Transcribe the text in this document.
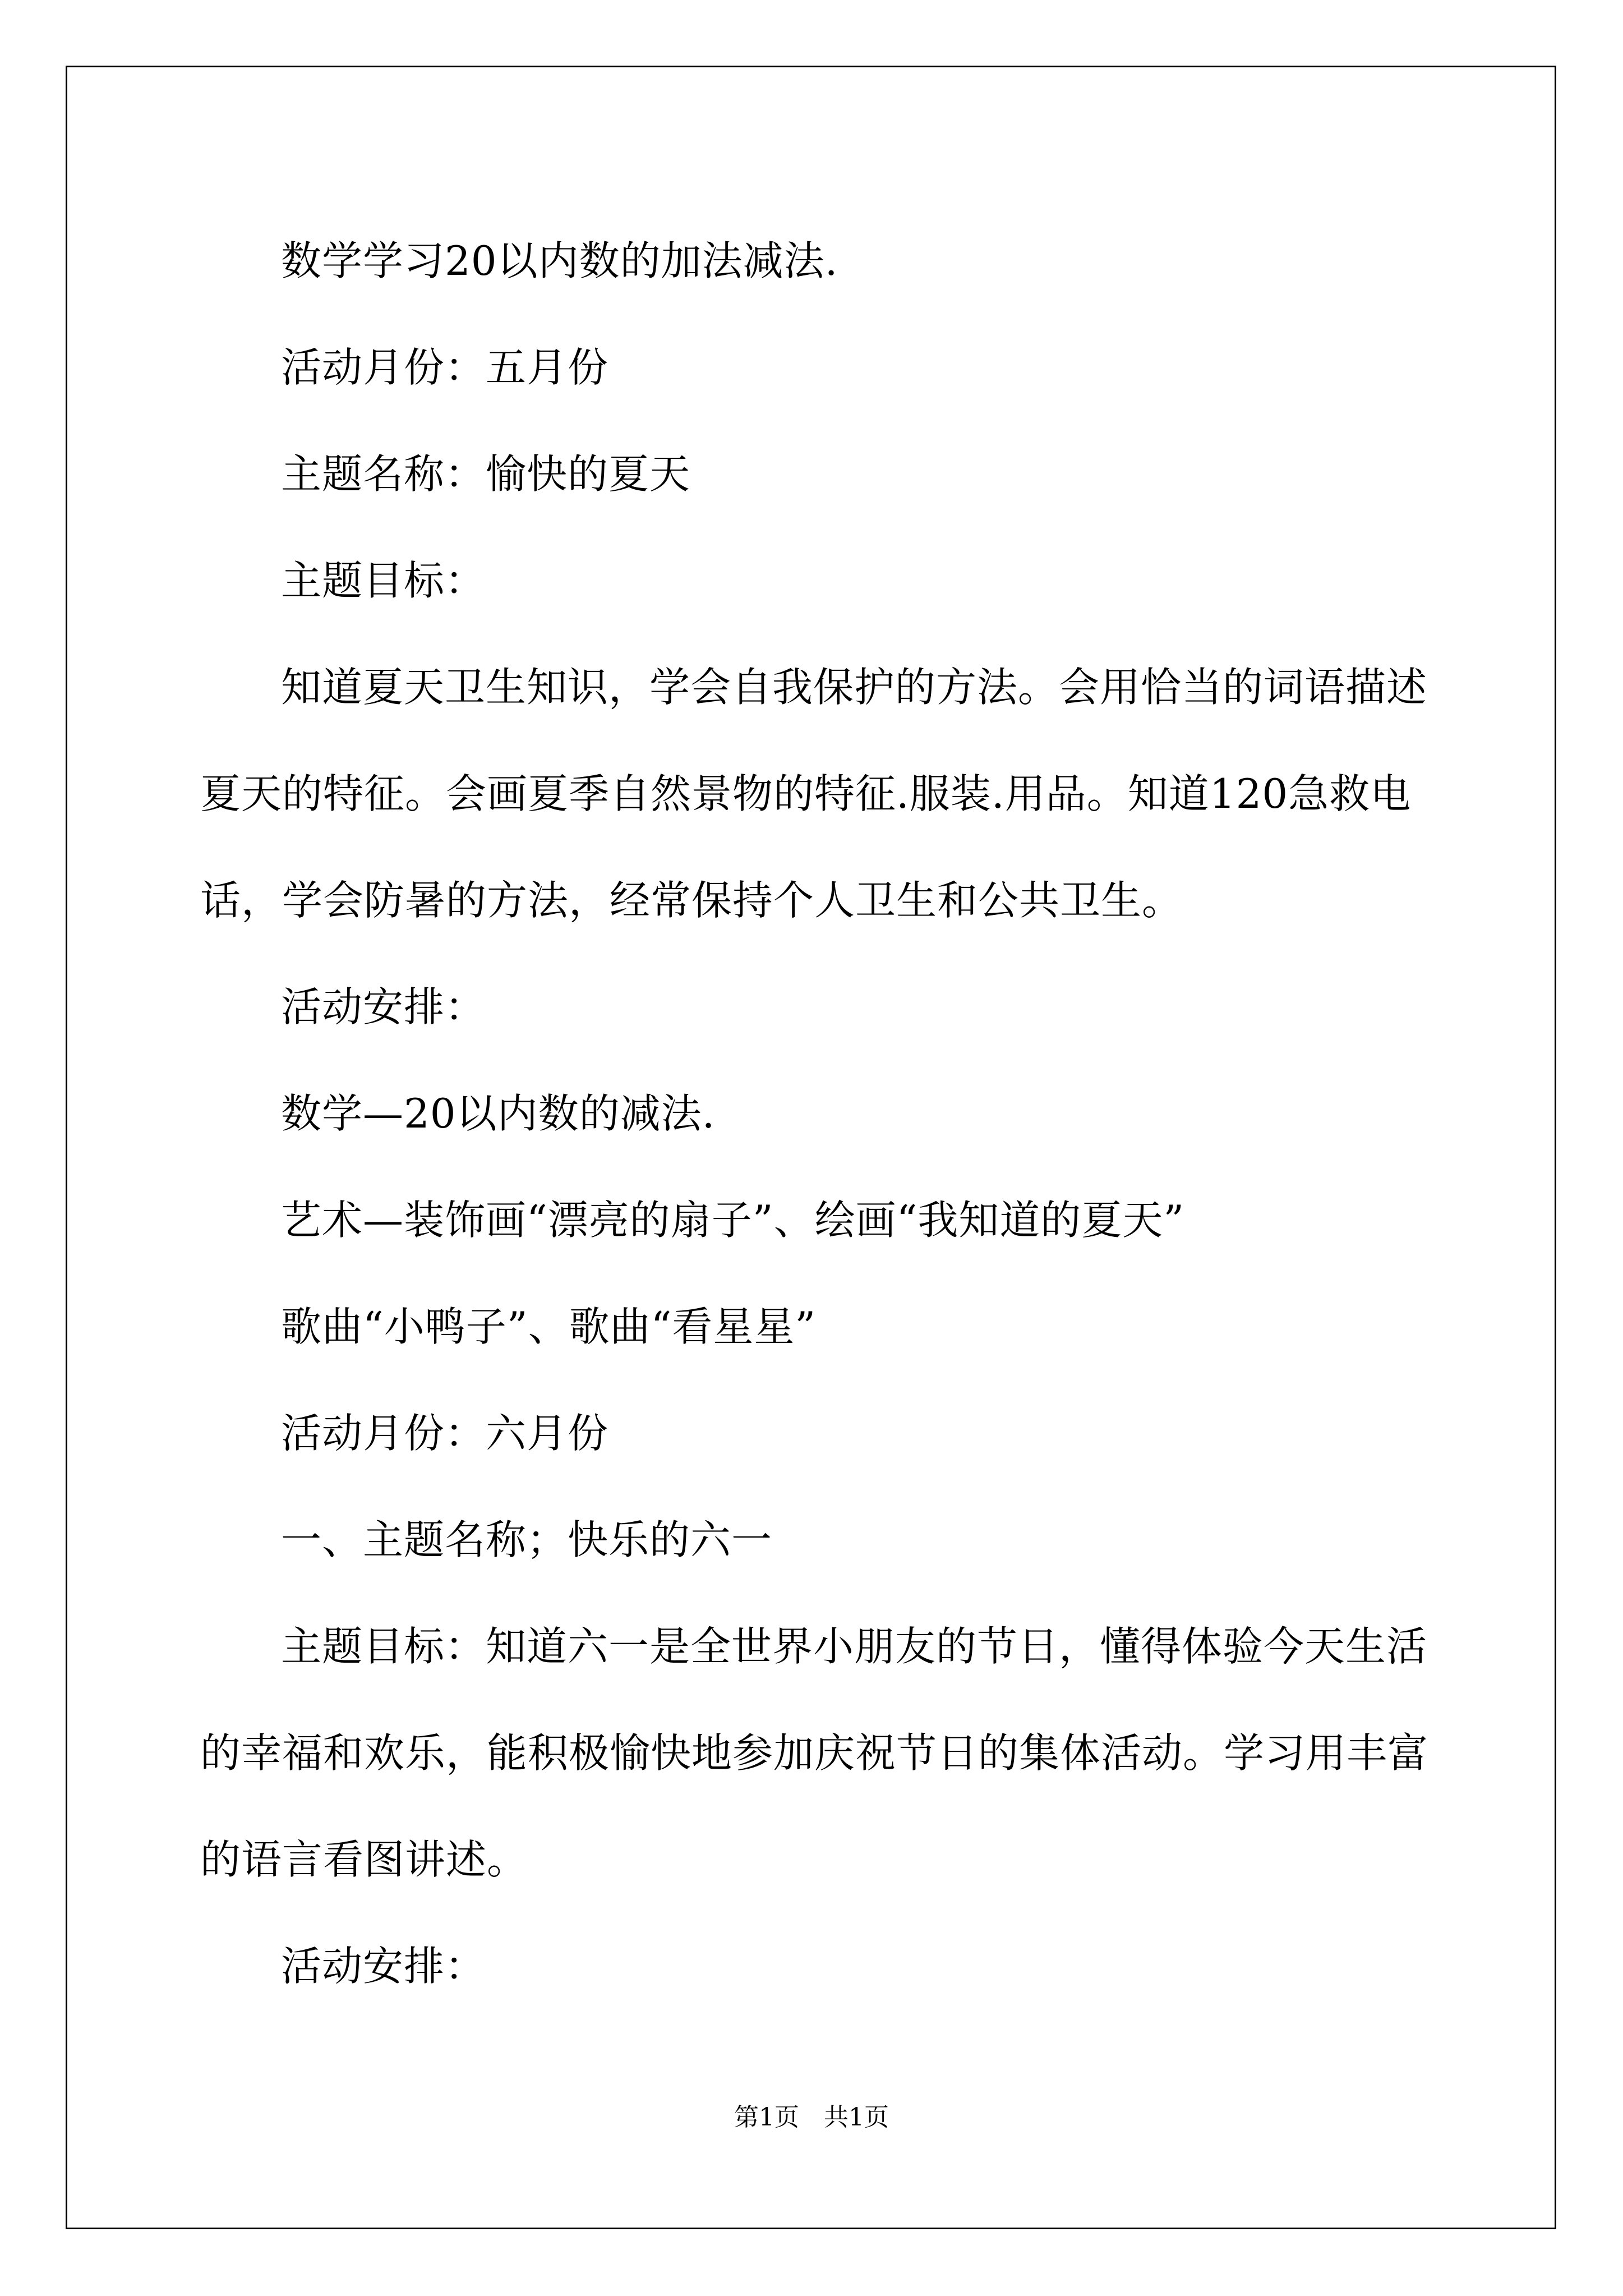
数学学习20以内数的加法减法.

活动月份：五月份

主题名称：愉快的夏天

主题目标：

知道夏天卫生知识，学会自我保护的方法。会用恰当的词语描述夏天的特征。会画夏季自然景物的特征.服装.用品。知道120急救电话，学会防暑的方法，经常保持个人卫生和公共卫生。

活动安排：

数学—20以内数的减法.

艺术—装饰画“漂亮的扇子”、绘画“我知道的夏天”

歌曲“小鸭子”、歌曲“看星星”

活动月份：六月份

一、主题名称；快乐的六一

主题目标：知道六一是全世界小朋友的节日，懂得体验今天生活的幸福和欢乐，能积极愉快地参加庆祝节日的集体活动。学习用丰富的语言看图讲述。

活动安排：

第1页　共1页
